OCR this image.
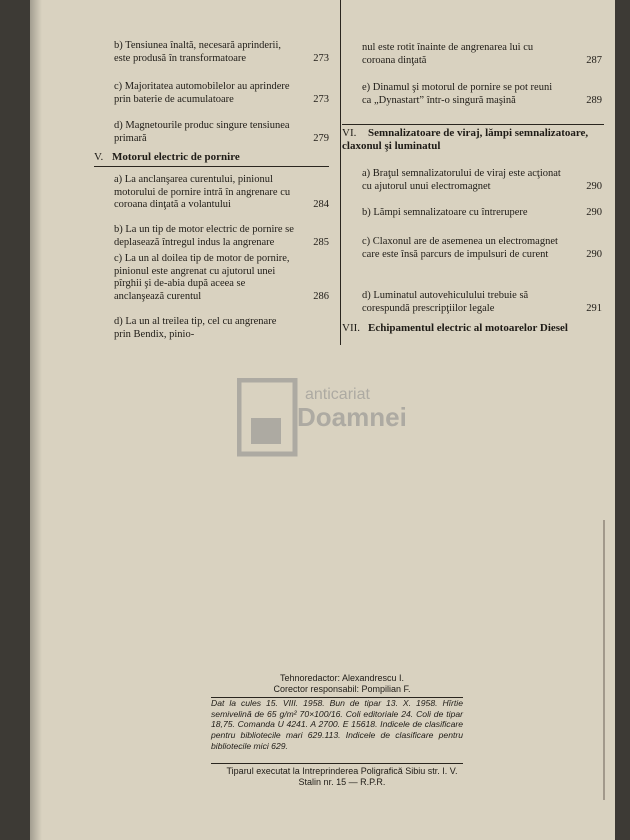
b) Tensiunea înaltă, necesară aprinderii, este produsă în transformatoare	273
c) Majoritatea automobilelor au aprindere prin baterie de acumulatoare	273
d) Magnetourile produc singure tensiunea primară	279
V. Motorul electric de pornire
a) La anclanşarea curentului, pinionul motorului de pornire intră în angrenare cu coroana dinţată a volantului	284
b) La un tip de motor electric de pornire se deplasează întregul indus la angrenare	285
c) La un al doilea tip de motor de pornire, pinionul este angrenat cu ajutorul unei pîrghii şi de-abia după aceea se anclanşează curentul	286
d) La un al treilea tip, cel cu angrenare prin Bendix, pinio-
nul este rotit înainte de angrenarea lui cu coroana dinţată	287
e) Dinamul şi motorul de pornire se pot reuni ca „Dynastart” într-o singură maşină	289
VI. Semnalizatoare de viraj, lămpi semnalizatoare, claxonul şi luminatul
a) Braţul semnalizatorului de viraj este acţionat cu ajutorul unui electromagnet	290
b) Lămpi semnalizatoare cu întrerupere	290
c) Claxonul are de asemenea un electromagnet care este însă parcurs de impulsuri de curent	290
d) Luminatul autovehiculului trebuie să corespundă prescripţiilor legale	291
VII. Echipamentul electric al motoarelor Diesel
anticariat
Doamnei
Tehnoredactor: Alexandrescu I.
Corector responsabil: Pompilian F.
Dat la cules 15. VIII. 1958. Bun de tipar 13. X. 1958. Hîrtie semivelină de 65 g/m² 70×100/16. Coli editoriale 24. Coli de tipar 18,75. Comanda U 4241. A 2700. E 15618. Indicele de clasificare pentru bibliotecile mari 629.113. Indicele de clasificare pentru bibliotecile mici 629.
Tiparul executat la Intreprinderea Poligrafică Sibiu str. I. V. Stalin nr. 15 — R.P.R.
